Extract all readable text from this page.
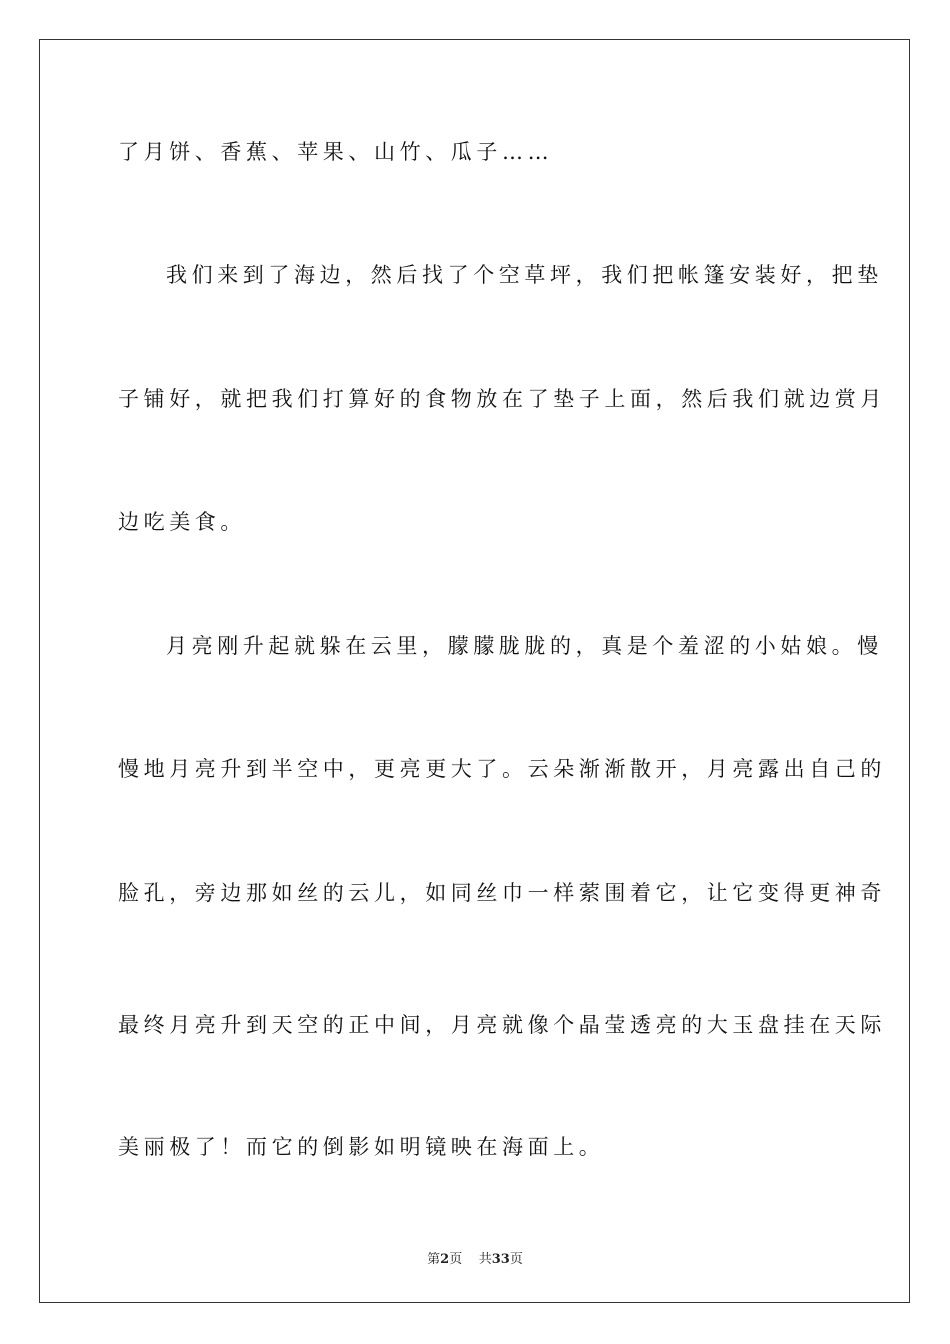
了月饼、香蕉、苹果、山竹、瓜子……
我们来到了海边，然后找了个空草坪，我们把帐篷安装好，把垫
子铺好，就把我们打算好的食物放在了垫子上面，然后我们就边赏月
边吃美食。
月亮刚升起就躲在云里，朦朦胧胧的，真是个羞涩的小姑娘。慢
慢地月亮升到半空中，更亮更大了。云朵渐渐散开，月亮露出自己的
脸孔，旁边那如丝的云儿，如同丝巾一样萦围着它，让它变得更神奇
最终月亮升到天空的正中间，月亮就像个晶莹透亮的大玉盘挂在天际
美丽极了！而它的倒影如明镜映在海面上。
第2页 共33页
